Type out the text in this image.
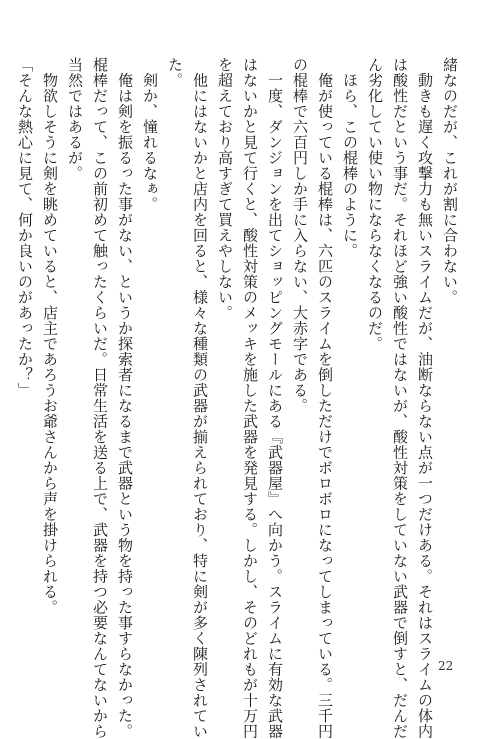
緒なのだが、これが割に合わない。
　動きも遅く攻撃力も無いスライムだが、油断ならない点が一つだけある。それはスライムの体内
は酸性だという事だ。それほど強い酸性ではないが、酸性対策をしていない武器で倒すと、だんだ
ん劣化してい使い物にならなくなるのだ。
　ほら、この棍棒のように。
　俺が使っている棍棒は、六匹のスライムを倒しただけでボロボロになってしまっている。三千円
の棍棒で六百円しか手に入らない、大赤字である。
　一度、ダンジョンを出てショッピングモールにある『武器屋』へ向かう。スライムに有効な武器
はないかと見て行くと、酸性対策のメッキを施した武器を発見する。しかし、そのどれもが十万円
を超えており高すぎて買えやしない。
　他にはないかと店内を回ると、様々な種類の武器が揃えられており、特に剣が多く陳列されてい
た。
　剣か、憧れるなぁ。
　俺は剣を振るった事がない、というか探索者になるまで武器という物を持った事すらなかった。
棍棒だって、この前初めて触ったくらいだ。日常生活を送る上で、武器を持つ必要なんてないから
当然ではあるが。
　物欲しそうに剣を眺めていると、店主であろうお爺さんから声を掛けられる。
「そんな熱心に見て、何か良いのがあったか？」
22
